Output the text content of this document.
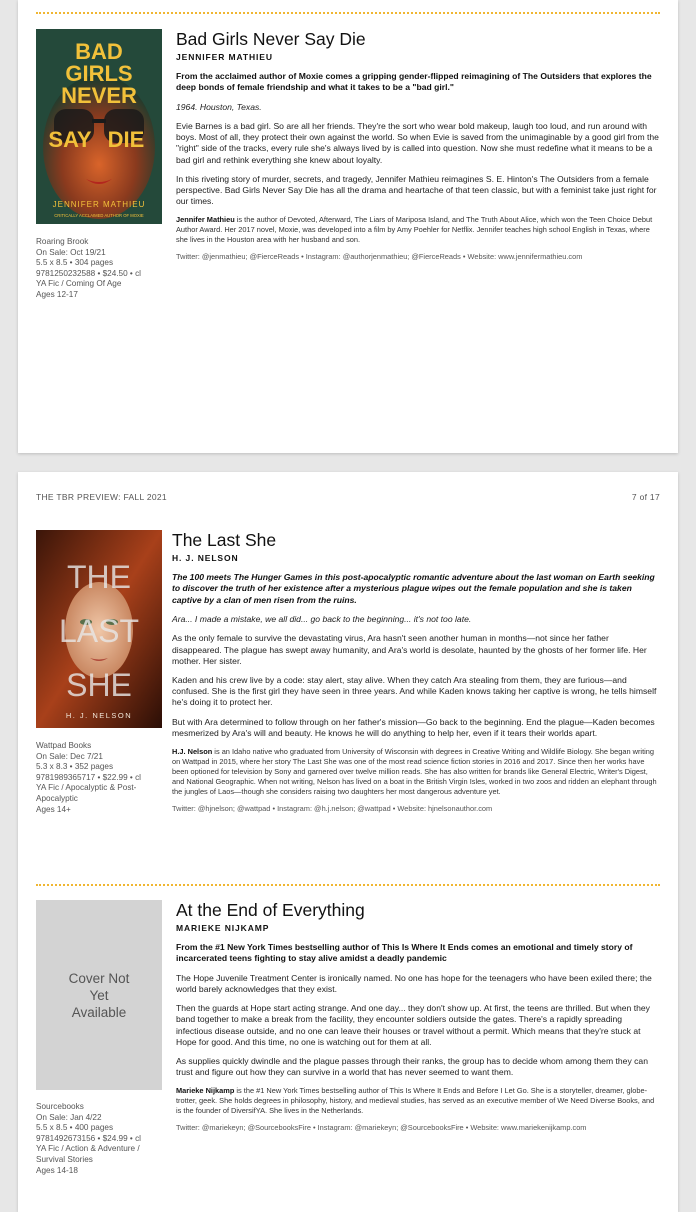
BAD
NEVER
SAY DIE
JENNIFER MATHIEU
CRITICALLY ACCLAIMED AUTHOR OF MOXIE
GIRLS
Roaring Brook
On Sale: Oct 19/21
5.5 x 8.5 • 304 pages
9781250232588 • $24.50 • cl
YA Fic / Coming Of Age
Ages 12-17
Bad Girls Never Say Die
JENNIFER MATHIEU
From the acclaimed author of Moxie comes a gripping gender-flipped reimagining of The Outsiders that explores the deep bonds of female friendship and what it takes to be a "bad girl."
1964. Houston, Texas.
Evie Barnes is a bad girl. So are all her friends. They're the sort who wear bold makeup, laugh too loud, and run around with boys. Most of all, they protect their own against the world. So when Evie is saved from the unimaginable by a good girl from the "right" side of the tracks, every rule she's always lived by is called into question. Now she must redefine what it means to be a bad girl and rethink everything she knew about loyalty.
In this riveting story of murder, secrets, and tragedy, Jennifer Mathieu reimagines S. E. Hinton's The Outsiders from a female perspective. Bad Girls Never Say Die has all the drama and heartache of that teen classic, but with a feminist take just right for our times.
Jennifer Mathieu is the author of Devoted, Afterward, The Liars of Mariposa Island, and The Truth About Alice, which won the Teen Choice Debut Author Award. Her 2017 novel, Moxie, was developed into a film by Amy Poehler for Netflix. Jennifer teaches high school English in Texas, where she lives in the Houston area with her husband and son.
Twitter: @jenmathieu; @FierceReads • Instagram: @authorjenmathieu; @FierceReads • Website: www.jennifermathieu.com
THE TBR PREVIEW: FALL 2021	7 of 17
THE
LAST
SHE
H. J. NELSON
Wattpad Books
On Sale: Dec 7/21
5.3 x 8.3 • 352 pages
9781989365717 • $22.99 • cl
YA Fic / Apocalyptic & Post-Apocalyptic
Ages 14+
The Last She
H. J. NELSON
The 100 meets The Hunger Games in this post-apocalyptic romantic adventure about the last woman on Earth seeking to discover the truth of her existence after a mysterious plague wipes out the female population and she is taken captive by a clan of men risen from the ruins.
Ara... I made a mistake, we all did... go back to the beginning... it's not too late.
As the only female to survive the devastating virus, Ara hasn't seen another human in months—not since her father disappeared. The plague has swept away humanity, and Ara's world is desolate, haunted by the ghosts of her former life. Her mother. Her sister.
Kaden and his crew live by a code: stay alert, stay alive. When they catch Ara stealing from them, they are furious—and confused. She is the first girl they have seen in three years. And while Kaden knows taking her captive is wrong, he tells himself he's doing it to protect her.
But with Ara determined to follow through on her father's mission—Go back to the beginning. End the plague—Kaden becomes mesmerized by Ara's will and beauty. He knows he will do anything to help her, even if it tears their worlds apart.
H.J. Nelson is an Idaho native who graduated from University of Wisconsin with degrees in Creative Writing and Wildlife Biology. She began writing on Wattpad in 2015, where her story The Last She was one of the most read science fiction stories in 2016 and 2017. Since then her works have been optioned for television by Sony and garnered over twelve million reads. She has also written for brands like General Electric, Writer's Digest, and National Geographic. When not writing, Nelson has lived on a boat in the British Virgin Isles, worked in two zoos and ridden an elephant through the jungles of Laos—though she considers raising two daughters her most dangerous adventure yet.
Twitter: @hjnelson; @wattpad • Instagram: @h.j.nelson; @wattpad • Website: hjnelsonauthor.com
Cover Not Yet Available
Sourcebooks
On Sale: Jan 4/22
5.5 x 8.5 • 400 pages
9781492673156 • $24.99 • cl
YA Fic / Action & Adventure / Survival Stories
Ages 14-18
At the End of Everything
MARIEKE NIJKAMP
From the #1 New York Times bestselling author of This Is Where It Ends comes an emotional and timely story of incarcerated teens fighting to stay alive amidst a deadly pandemic
The Hope Juvenile Treatment Center is ironically named. No one has hope for the teenagers who have been exiled there; the world barely acknowledges that they exist.
Then the guards at Hope start acting strange. And one day... they don't show up. At first, the teens are thrilled. But when they band together to make a break from the facility, they encounter soldiers outside the gates. There's a rapidly spreading infectious disease outside, and no one can leave their houses or travel without a permit. Which means that they're stuck at Hope for good. And this time, no one is watching out for them at all.
As supplies quickly dwindle and the plague passes through their ranks, the group has to decide whom among them they can trust and figure out how they can survive in a world that has never seemed to want them.
Marieke Nijkamp is the #1 New York Times bestselling author of This Is Where It Ends and Before I Let Go. She is a storyteller, dreamer, globe-trotter, geek. She holds degrees in philosophy, history, and medieval studies, has served as an executive member of We Need Diverse Books, and is the founder of DiversifYA. She lives in the Netherlands.
Twitter: @mariekeyn; @SourcebooksFire • Instagram: @mariekeyn; @SourcebooksFire • Website: www.mariekenijkamp.com
